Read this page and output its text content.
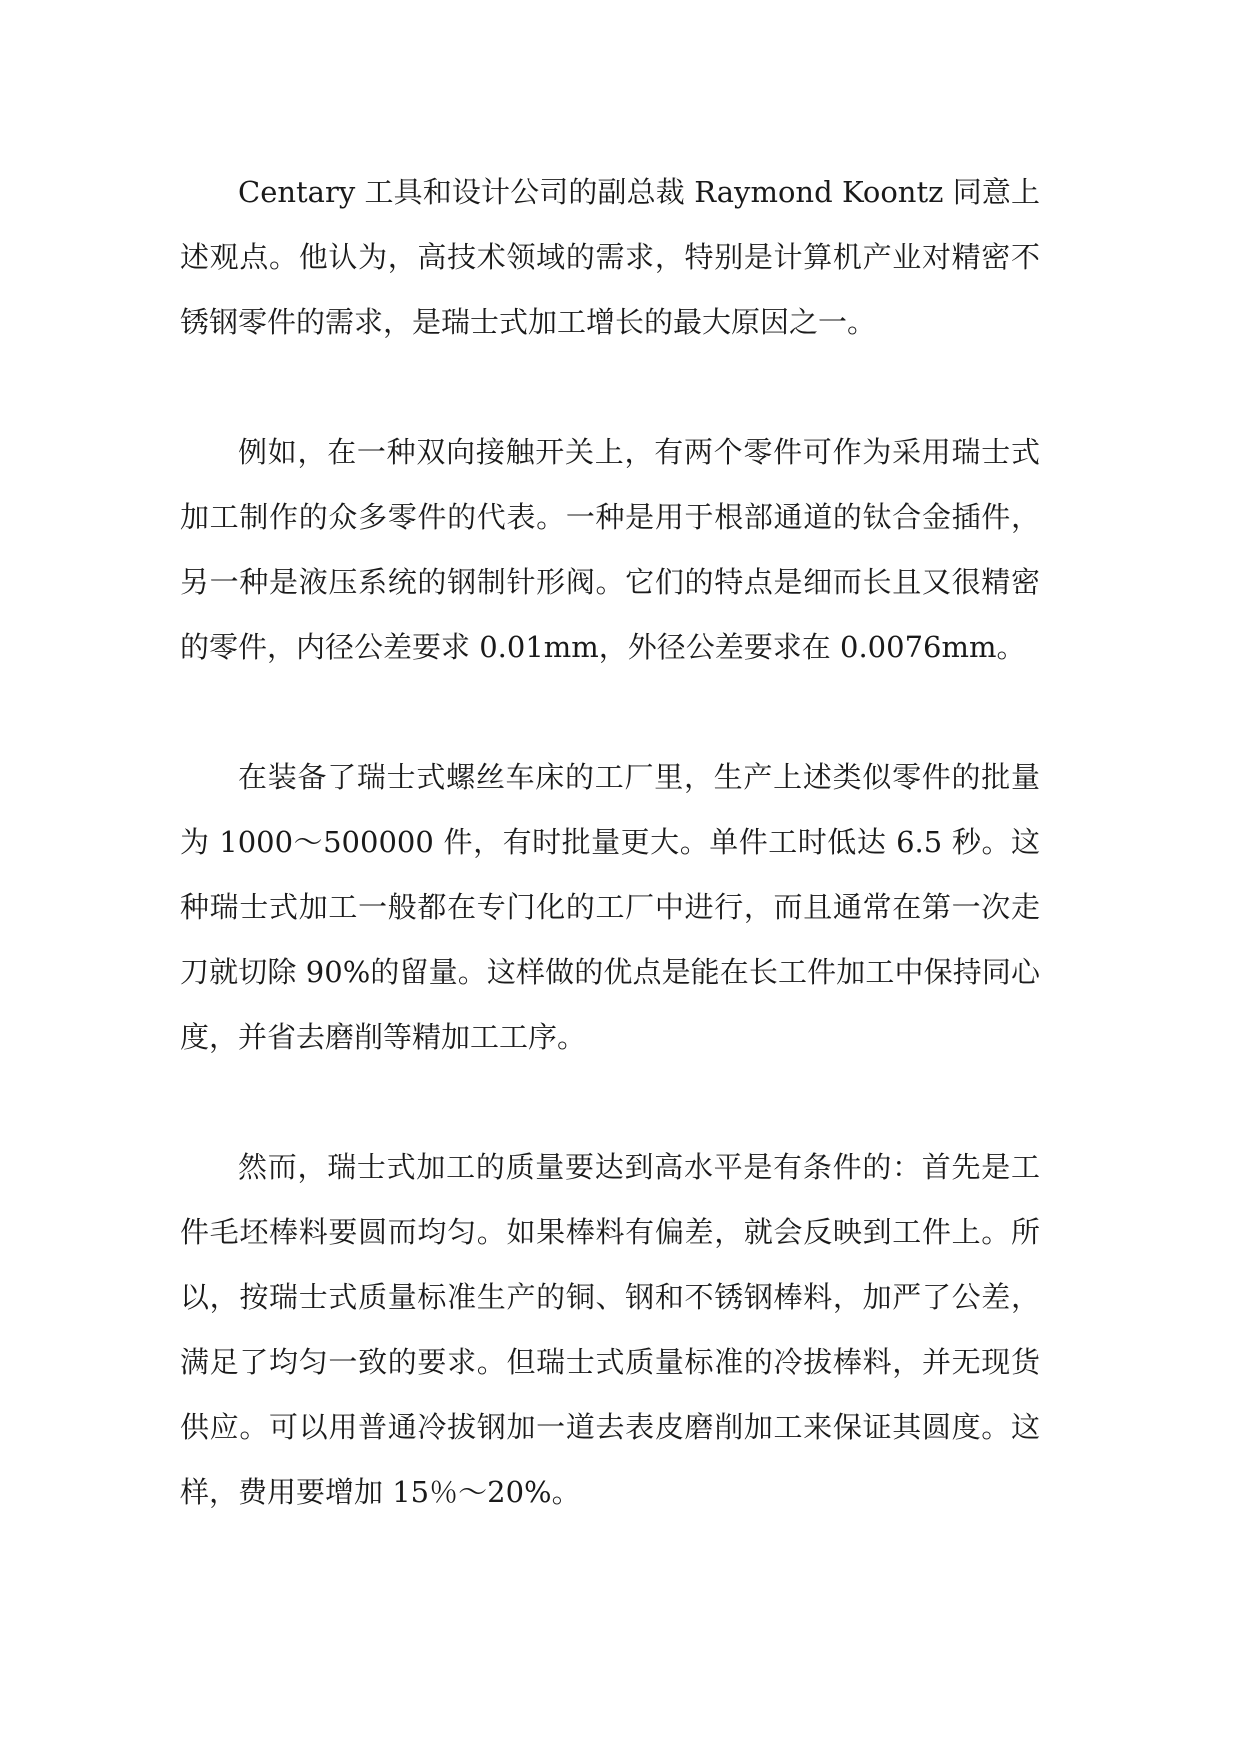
Centary 工具和设计公司的副总裁 Raymond Koontz 同意上述观点。他认为，高技术领域的需求，特别是计算机产业对精密不锈钢零件的需求，是瑞士式加工增长的最大原因之一。

例如，在一种双向接触开关上，有两个零件可作为采用瑞士式加工制作的众多零件的代表。一种是用于根部通道的钛合金插件，另一种是液压系统的钢制针形阀。它们的特点是细而长且又很精密的零件，内径公差要求 0.01mm，外径公差要求在 0.0076mm。

在装备了瑞士式螺丝车床的工厂里，生产上述类似零件的批量为 1000～500000 件，有时批量更大。单件工时低达 6.5 秒。这种瑞士式加工一般都在专门化的工厂中进行，而且通常在第一次走刀就切除 90%的留量。这样做的优点是能在长工件加工中保持同心度，并省去磨削等精加工工序。

然而，瑞士式加工的质量要达到高水平是有条件的：首先是工件毛坯棒料要圆而均匀。如果棒料有偏差，就会反映到工件上。所以，按瑞士式质量标准生产的铜、钢和不锈钢棒料，加严了公差，满足了均匀一致的要求。但瑞士式质量标准的冷拔棒料，并无现货供应。可以用普通冷拔钢加一道去表皮磨削加工来保证其圆度。这样，费用要增加 15％～20%。
